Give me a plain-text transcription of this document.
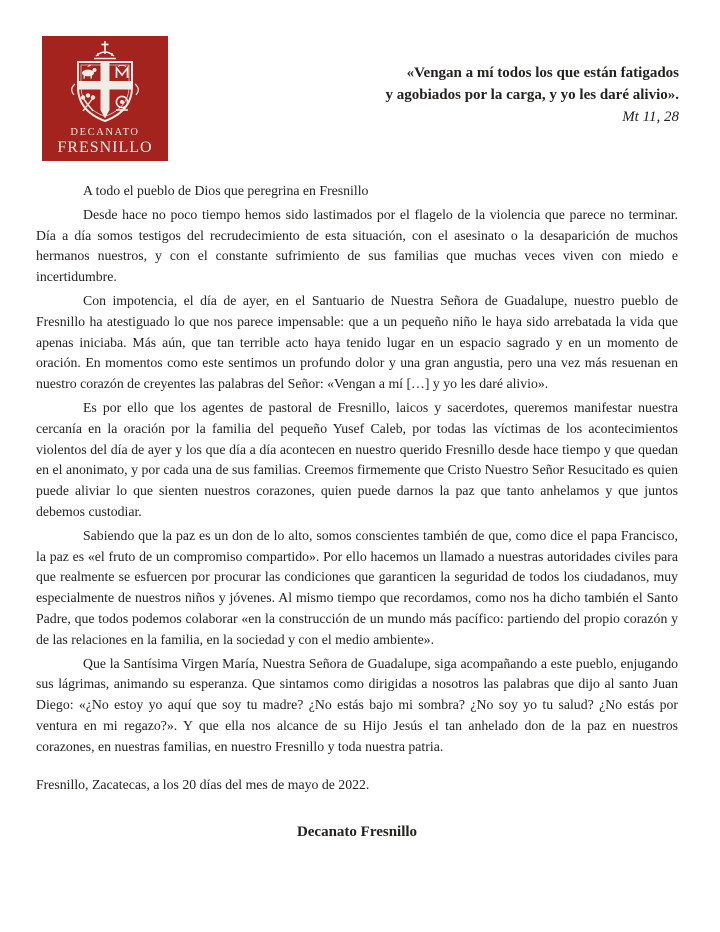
DECANATO
FRESNILLO
«Vengan a mí todos los que están fatigados
y agobiados por la carga, y yo les daré alivio».
Mt 11, 28

A todo el pueblo de Dios que peregrina en Fresnillo

Desde hace no poco tiempo hemos sido lastimados por el flagelo de la violencia que parece no terminar. Día a día somos testigos del recrudecimiento de esta situación, con el asesinato o la desaparición de muchos hermanos nuestros, y con el constante sufrimiento de sus familias que muchas veces viven con miedo e incertidumbre.

Con impotencia, el día de ayer, en el Santuario de Nuestra Señora de Guadalupe, nuestro pueblo de Fresnillo ha atestiguado lo que nos parece impensable: que a un pequeño niño le haya sido arrebatada la vida que apenas iniciaba. Más aún, que tan terrible acto haya tenido lugar en un espacio sagrado y en un momento de oración. En momentos como este sentimos un profundo dolor y una gran angustia, pero una vez más resuenan en nuestro corazón de creyentes las palabras del Señor: «Vengan a mí […] y yo les daré alivio».

Es por ello que los agentes de pastoral de Fresnillo, laicos y sacerdotes, queremos manifestar nuestra cercanía en la oración por la familia del pequeño Yusef Caleb, por todas las víctimas de los acontecimientos violentos del día de ayer y los que día a día acontecen en nuestro querido Fresnillo desde hace tiempo y que quedan en el anonimato, y por cada una de sus familias. Creemos firmemente que Cristo Nuestro Señor Resucitado es quien puede aliviar lo que sienten nuestros corazones, quien puede darnos la paz que tanto anhelamos y que juntos debemos custodiar.

Sabiendo que la paz es un don de lo alto, somos conscientes también de que, como dice el papa Francisco, la paz es «el fruto de un compromiso compartido». Por ello hacemos un llamado a nuestras autoridades civiles para que realmente se esfuercen por procurar las condiciones que garanticen la seguridad de todos los ciudadanos, muy especialmente de nuestros niños y jóvenes. Al mismo tiempo que recordamos, como nos ha dicho también el Santo Padre, que todos podemos colaborar «en la construcción de un mundo más pacífico: partiendo del propio corazón y de las relaciones en la familia, en la sociedad y con el medio ambiente».

Que la Santísima Virgen María, Nuestra Señora de Guadalupe, siga acompañando a este pueblo, enjugando sus lágrimas, animando su esperanza. Que sintamos como dirigidas a nosotros las palabras que dijo al santo Juan Diego: «¿No estoy yo aquí que soy tu madre? ¿No estás bajo mi sombra? ¿No soy yo tu salud? ¿No estás por ventura en mi regazo?». Y que ella nos alcance de su Hijo Jesús el tan anhelado don de la paz en nuestros corazones, en nuestras familias, en nuestro Fresnillo y toda nuestra patria.

Fresnillo, Zacatecas, a los 20 días del mes de mayo de 2022.

Decanato Fresnillo
